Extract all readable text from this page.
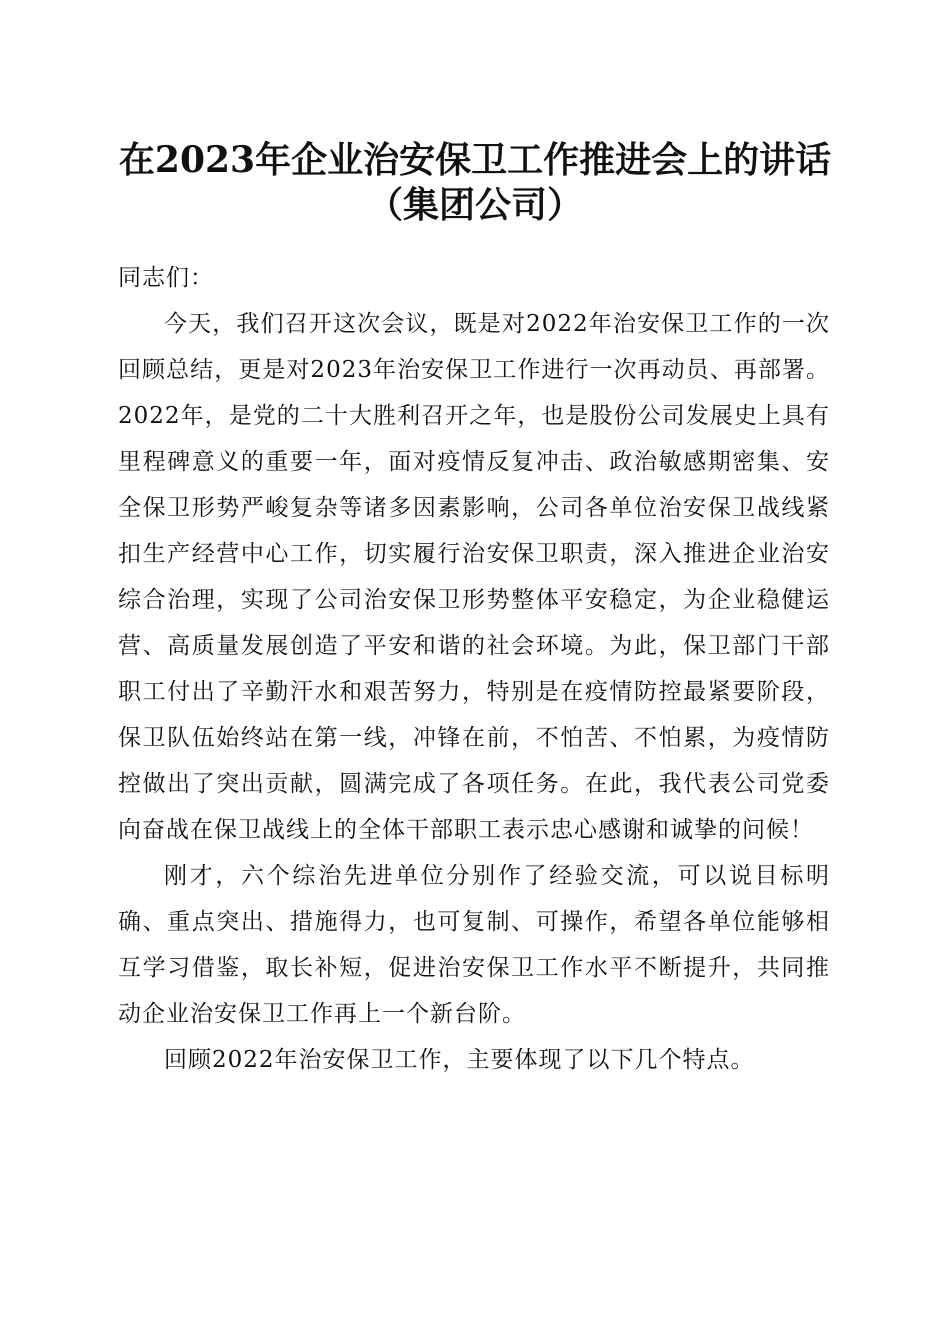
在2023年企业治安保卫工作推进会上的讲话
（集团公司）

同志们：

今天，我们召开这次会议，既是对2022年治安保卫工作的一次回顾总结，更是对2023年治安保卫工作进行一次再动员、再部署。2022年，是党的二十大胜利召开之年，也是股份公司发展史上具有里程碑意义的重要一年，面对疫情反复冲击、政治敏感期密集、安全保卫形势严峻复杂等诸多因素影响，公司各单位治安保卫战线紧扣生产经营中心工作，切实履行治安保卫职责，深入推进企业治安综合治理，实现了公司治安保卫形势整体平安稳定，为企业稳健运营、高质量发展创造了平安和谐的社会环境。为此，保卫部门干部职工付出了辛勤汗水和艰苦努力，特别是在疫情防控最紧要阶段，保卫队伍始终站在第一线，冲锋在前，不怕苦、不怕累，为疫情防控做出了突出贡献，圆满完成了各项任务。在此，我代表公司党委向奋战在保卫战线上的全体干部职工表示忠心感谢和诚挚的问候！

刚才，六个综治先进单位分别作了经验交流，可以说目标明确、重点突出、措施得力，也可复制、可操作，希望各单位能够相互学习借鉴，取长补短，促进治安保卫工作水平不断提升，共同推动企业治安保卫工作再上一个新台阶。

回顾2022年治安保卫工作，主要体现了以下几个特点。
